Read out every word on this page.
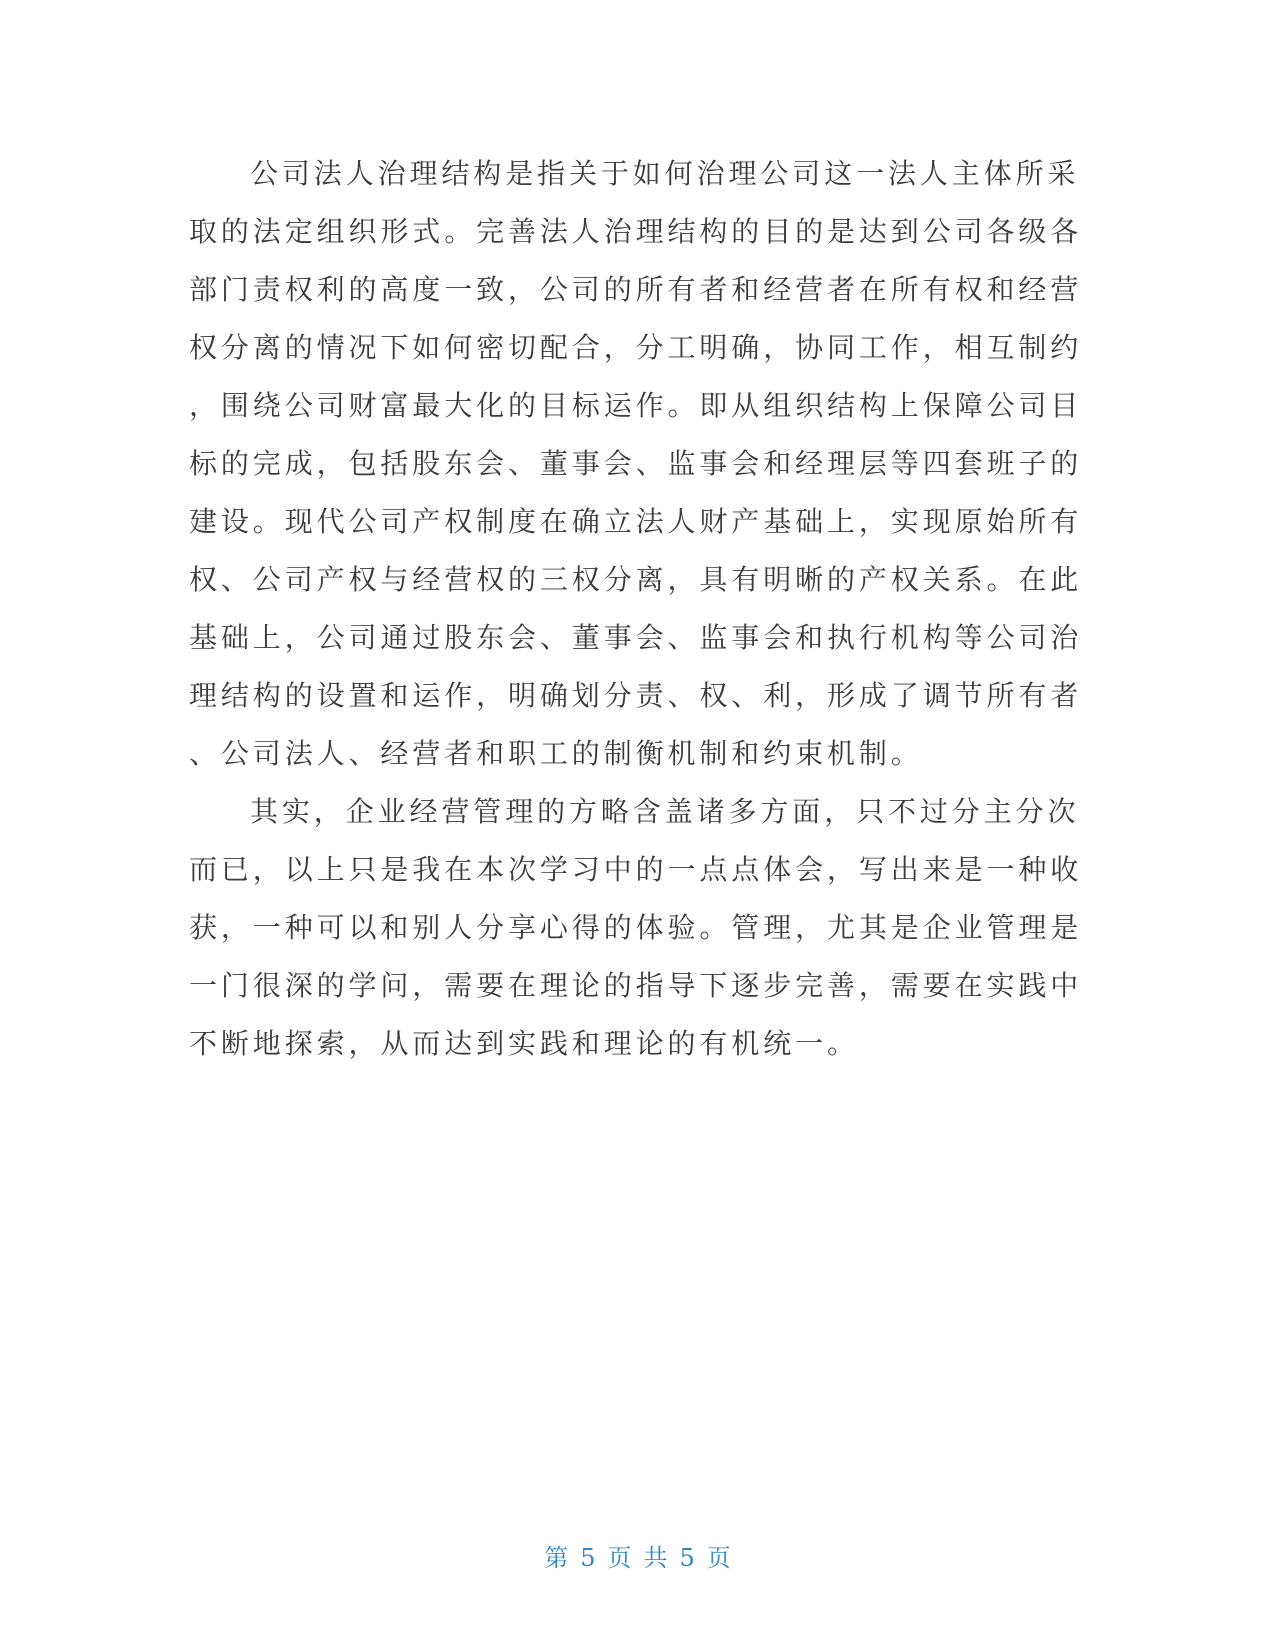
公司法人治理结构是指关于如何治理公司这一法人主体所采
取的法定组织形式。完善法人治理结构的目的是达到公司各级各
部门责权利的高度一致，公司的所有者和经营者在所有权和经营
权分离的情况下如何密切配合，分工明确，协同工作，相互制约
，围绕公司财富最大化的目标运作。即从组织结构上保障公司目
标的完成，包括股东会、董事会、监事会和经理层等四套班子的
建设。现代公司产权制度在确立法人财产基础上，实现原始所有
权、公司产权与经营权的三权分离，具有明晰的产权关系。在此
基础上，公司通过股东会、董事会、监事会和执行机构等公司治
理结构的设置和运作，明确划分责、权、利，形成了调节所有者
、公司法人、经营者和职工的制衡机制和约束机制。
其实，企业经营管理的方略含盖诸多方面，只不过分主分次
而已，以上只是我在本次学习中的一点点体会，写出来是一种收
获，一种可以和别人分享心得的体验。管理，尤其是企业管理是
一门很深的学问，需要在理论的指导下逐步完善，需要在实践中
不断地探索，从而达到实践和理论的有机统一。
第 5 页 共 5 页
